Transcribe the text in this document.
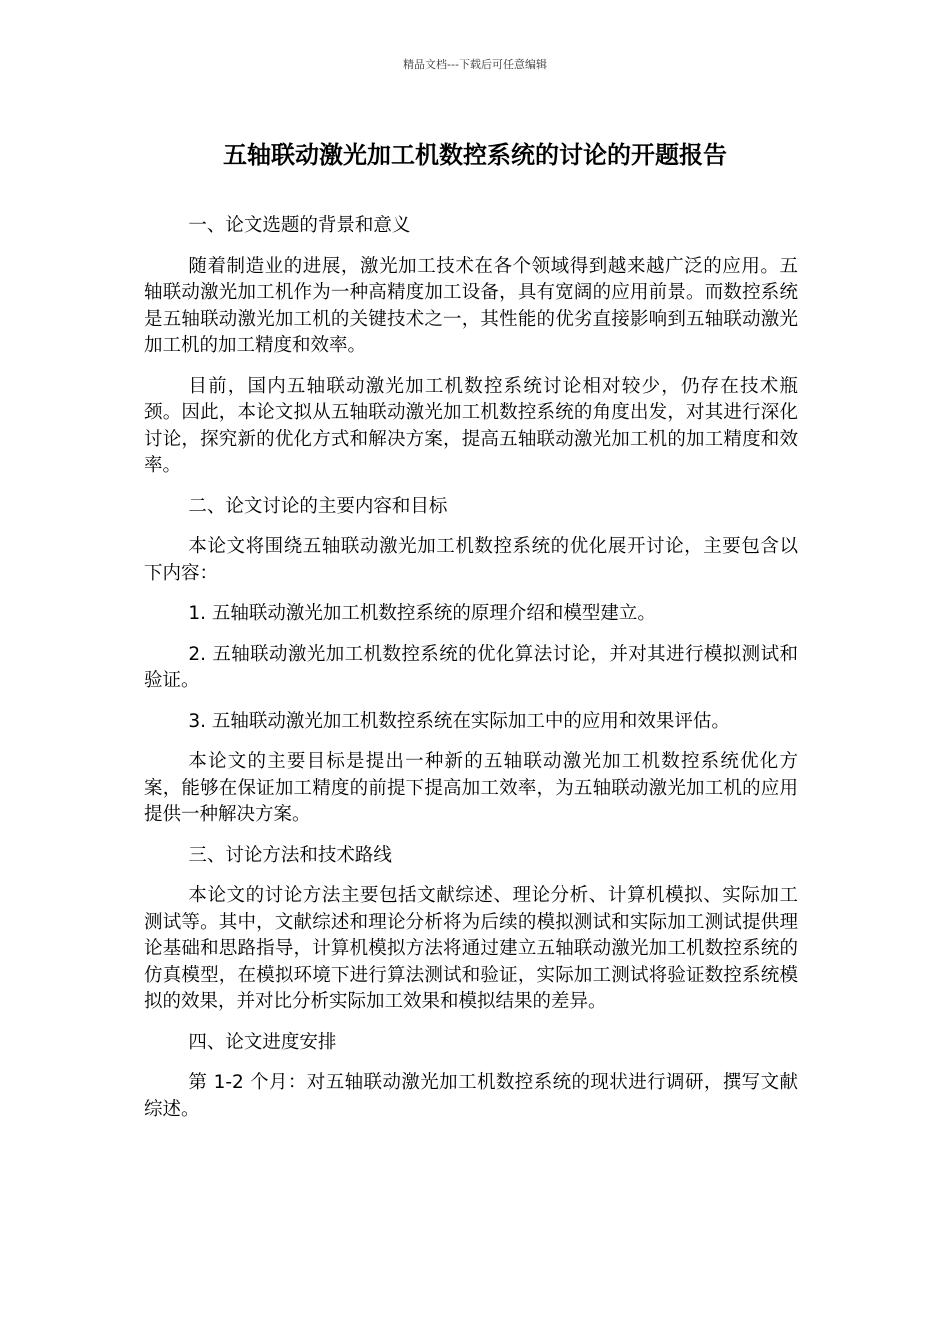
精品文档---下载后可任意编辑
五轴联动激光加工机数控系统的讨论的开题报告

一、论文选题的背景和意义

随着制造业的进展，激光加工技术在各个领域得到越来越广泛的应用。五轴联动激光加工机作为一种高精度加工设备，具有宽阔的应用前景。而数控系统是五轴联动激光加工机的关键技术之一，其性能的优劣直接影响到五轴联动激光加工机的加工精度和效率。

目前，国内五轴联动激光加工机数控系统讨论相对较少，仍存在技术瓶颈。因此，本论文拟从五轴联动激光加工机数控系统的角度出发，对其进行深化讨论，探究新的优化方式和解决方案，提高五轴联动激光加工机的加工精度和效率。

二、论文讨论的主要内容和目标

本论文将围绕五轴联动激光加工机数控系统的优化展开讨论，主要包含以下内容：

1. 五轴联动激光加工机数控系统的原理介绍和模型建立。

2. 五轴联动激光加工机数控系统的优化算法讨论，并对其进行模拟测试和验证。

3. 五轴联动激光加工机数控系统在实际加工中的应用和效果评估。

本论文的主要目标是提出一种新的五轴联动激光加工机数控系统优化方案，能够在保证加工精度的前提下提高加工效率，为五轴联动激光加工机的应用提供一种解决方案。

三、讨论方法和技术路线

本论文的讨论方法主要包括文献综述、理论分析、计算机模拟、实际加工测试等。其中，文献综述和理论分析将为后续的模拟测试和实际加工测试提供理论基础和思路指导，计算机模拟方法将通过建立五轴联动激光加工机数控系统的仿真模型，在模拟环境下进行算法测试和验证，实际加工测试将验证数控系统模拟的效果，并对比分析实际加工效果和模拟结果的差异。

四、论文进度安排

第 1-2 个月：对五轴联动激光加工机数控系统的现状进行调研，撰写文献综述。
